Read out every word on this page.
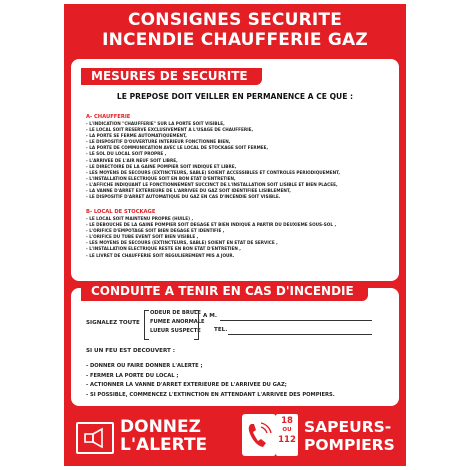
CONSIGNES SECURITE
INCENDIE CHAUFFERIE GAZ
MESURES DE SECURITE
CONDUITE A TENIR EN CAS D'INCENDIE
DONNEZ
L'ALERTE
18
OU
112
SAPEURS-
POMPIERS
LE PREPOSE DOIT VEILLER EN PERMANENCE A CE QUE :
A- CHAUFFERIE
- L'INDICATION "CHAUFFERIE" SUR LA PORTE SOIT VISIBLE,
- LE LOCAL SOIT RESERVE EXCLUSIVEMENT A L'USAGE DE CHAUFFERIE,
- LA PORTE SE FERME AUTOMATIQUEMENT,
- LE DISPOSITIF D'OUVERTURE INTERIEUR FONCTIONNE BIEN,
- LA PORTE DE COMMUNICATION AVEC LE LOCAL DE STOCKAGE SOIT FERMEE,
- LE SOL DU LOCAL SOIT PROPRE ,
- L'ARRIVEE DE L'AIR NEUF SOIT LIBRE,
- LE DIRECTOIRE DE LA GAINE POMPIER SOIT INDIQUE ET LIBRE,
- LES MOYENS DE SECOURS (EXTINCTEURS, SABLE) SOIENT ACCESSIBLES ET CONTROLES PERIODIQUEMENT,
- L'INSTALLATION ELECTRIQUE SOIT EN BON ETAT D'ENTRETIEN,
- L'AFFICHE INDIQUANT LE FONCTIONNEMENT SUCCINCT DE L'INSTALLATION SOIT LISIBLE ET BIEN PLACEE,
- LA VANNE D'ARRET EXTERIEURE DE L'ARRIVEE DU GAZ SOIT IDENTIFIEE LISIBLEMENT,
- LE DISPOSITIF D'ARRET AUTOMATIQUE DU GAZ EN CAS D'INCENDIE SOIT VISIBLE.
B- LOCAL DE STOCKAGE
- LE LOCAL SOIT MAINTENU PROPRE (HUILE) ,
- LE DEBOUCHE DE LA GAINE POMPIER SOIT DEGAGE ET BIEN INDIQUE A PARTIR DU DEUXIEME SOUS-SOL ,
- L'ORIFICE D'EMPOTAGE SOIT BIEN DEGAGE ET IDENTIFIE ,
- L'ORIFICE DU TUBE EVENT SOIT BIEN VISIBLE ,
- LES MOYENS DE SECOURS (EXTINCTEURS, SABLE) SOIENT EN ETAT DE SERVICE ,
- L'INSTALLATION ELECTRIQUE RESTE EN BON ETAT D'ENTRETIEN ,
- LE LIVRET DE CHAUFFERIE SOIT REGULIEREMENT MIS A JOUR.
SIGNALEZ TOUTE
ODEUR DE BRULE
FUMEE ANORMALE
LUEUR SUSPECTE
A M.
TEL.
SI UN FEU EST DECOUVERT :
- DONNER OU FAIRE DONNER L'ALERTE ;
- FERMER LA PORTE DU LOCAL ;
- ACTIONNER LA VANNE D'ARRET EXTERIEURE DE L'ARRIVEE DU GAZ;
- SI POSSIBLE, COMMENCEZ L'EXTINCTION EN ATTENDANT L'ARRIVEE DES POMPIERS.
